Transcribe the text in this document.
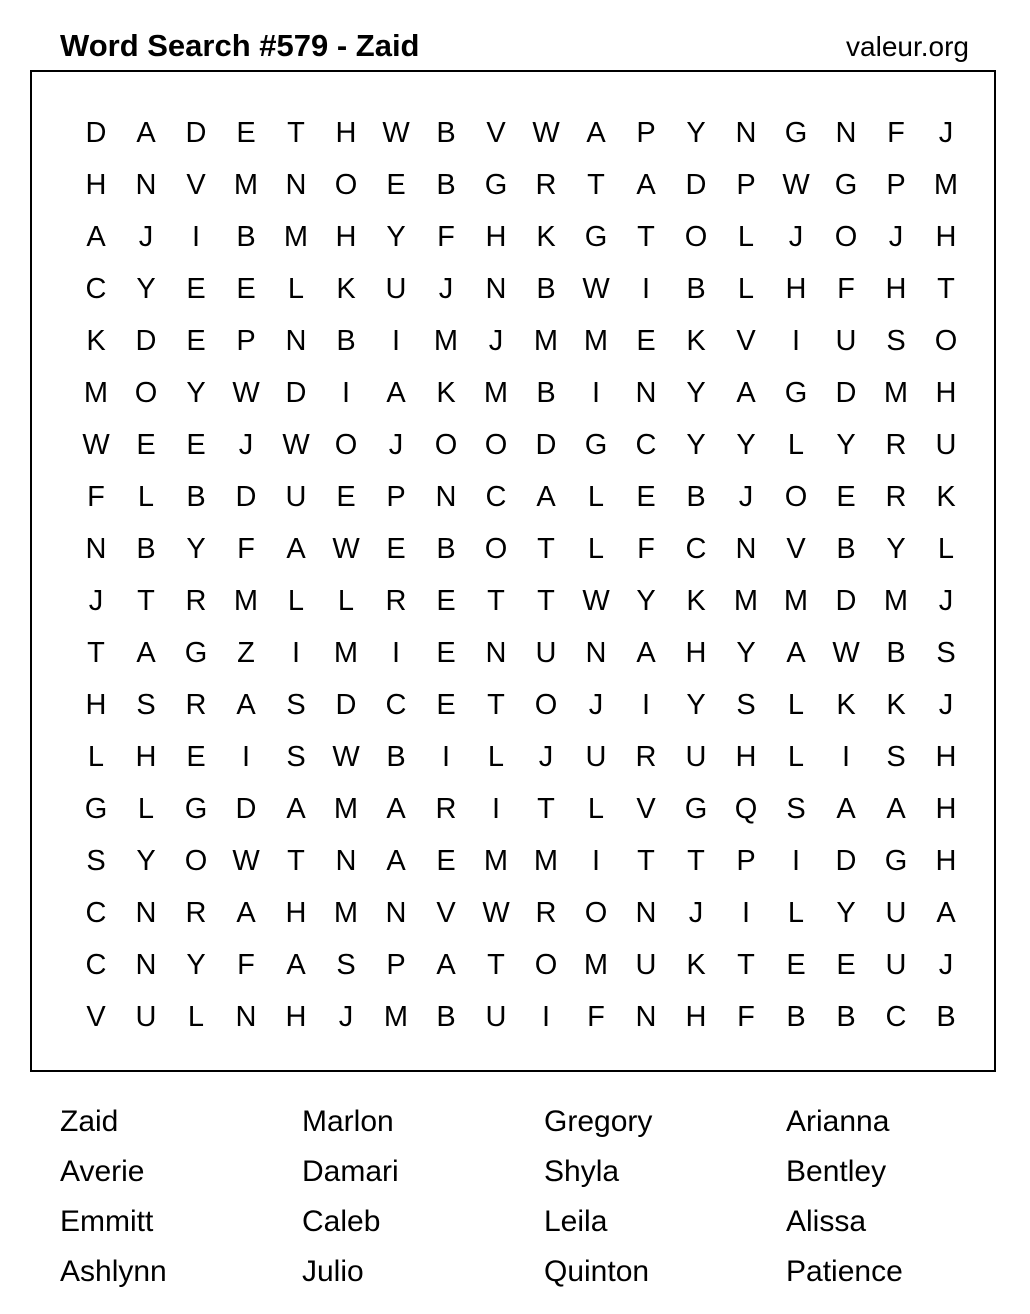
Word Search #579 - Zaid	valeur.org
D	A	D	E	T	H W B	V W A	P	Y	N G N	F	J
H	N	V M N O	E	B	G R	T	A	D	P W G	P M
A	J	I	B M H	Y	F	H	K	G	T	O	L	J	O	J	H
C	Y	E	E	L	K	U	J	N	B W	I	B	L	H	F	H	T
K	D	E	P	N	B	I	M	J	M M E	K	V	I	U	S	O
M O	Y W D	I	A	K M B	I	N	Y	A	G D M H
W E	E	J	W O	J	O O D G C	Y	Y	L	Y	R	U
F	L	B	D	U	E	P	N	C	A	L	E	B	J	O	E	R	K
N	B	Y	F	A W E	B	O	T	L	F	C	N	V	B	Y	L
J	T	R M	L	L	R	E	T	T W Y	K M M D M	J
T	A	G	Z	I	M	I	E	N	U	N	A	H	Y	A W B	S
H	S	R	A	S	D	C	E	T	O	J	I	Y	S	L	K	K	J
L	H	E	I	S W B	I	L	J	U	R	U	H	L	I	S	H
G	L	G D	A M A	R	I	T	L	V	G Q	S	A	A	H
S	Y	O W T	N	A	E M M	I	T	T	P	I	D G H
C	N	R	A	H M N	V W R O N	J	I	L	Y	U	A
C	N	Y	F	A	S	P	A	T	O M U	K	T	E	E	U	J
V	U	L	N	H	J	M B	U	I	F	N	H	F	B	B	C	B
Zaid	Marlon	Gregory	Arianna
Averie	Damari	Shyla	Bentley
Emmitt	Caleb	Leila	Alissa
Ashlynn	Julio	Quinton	Patience
